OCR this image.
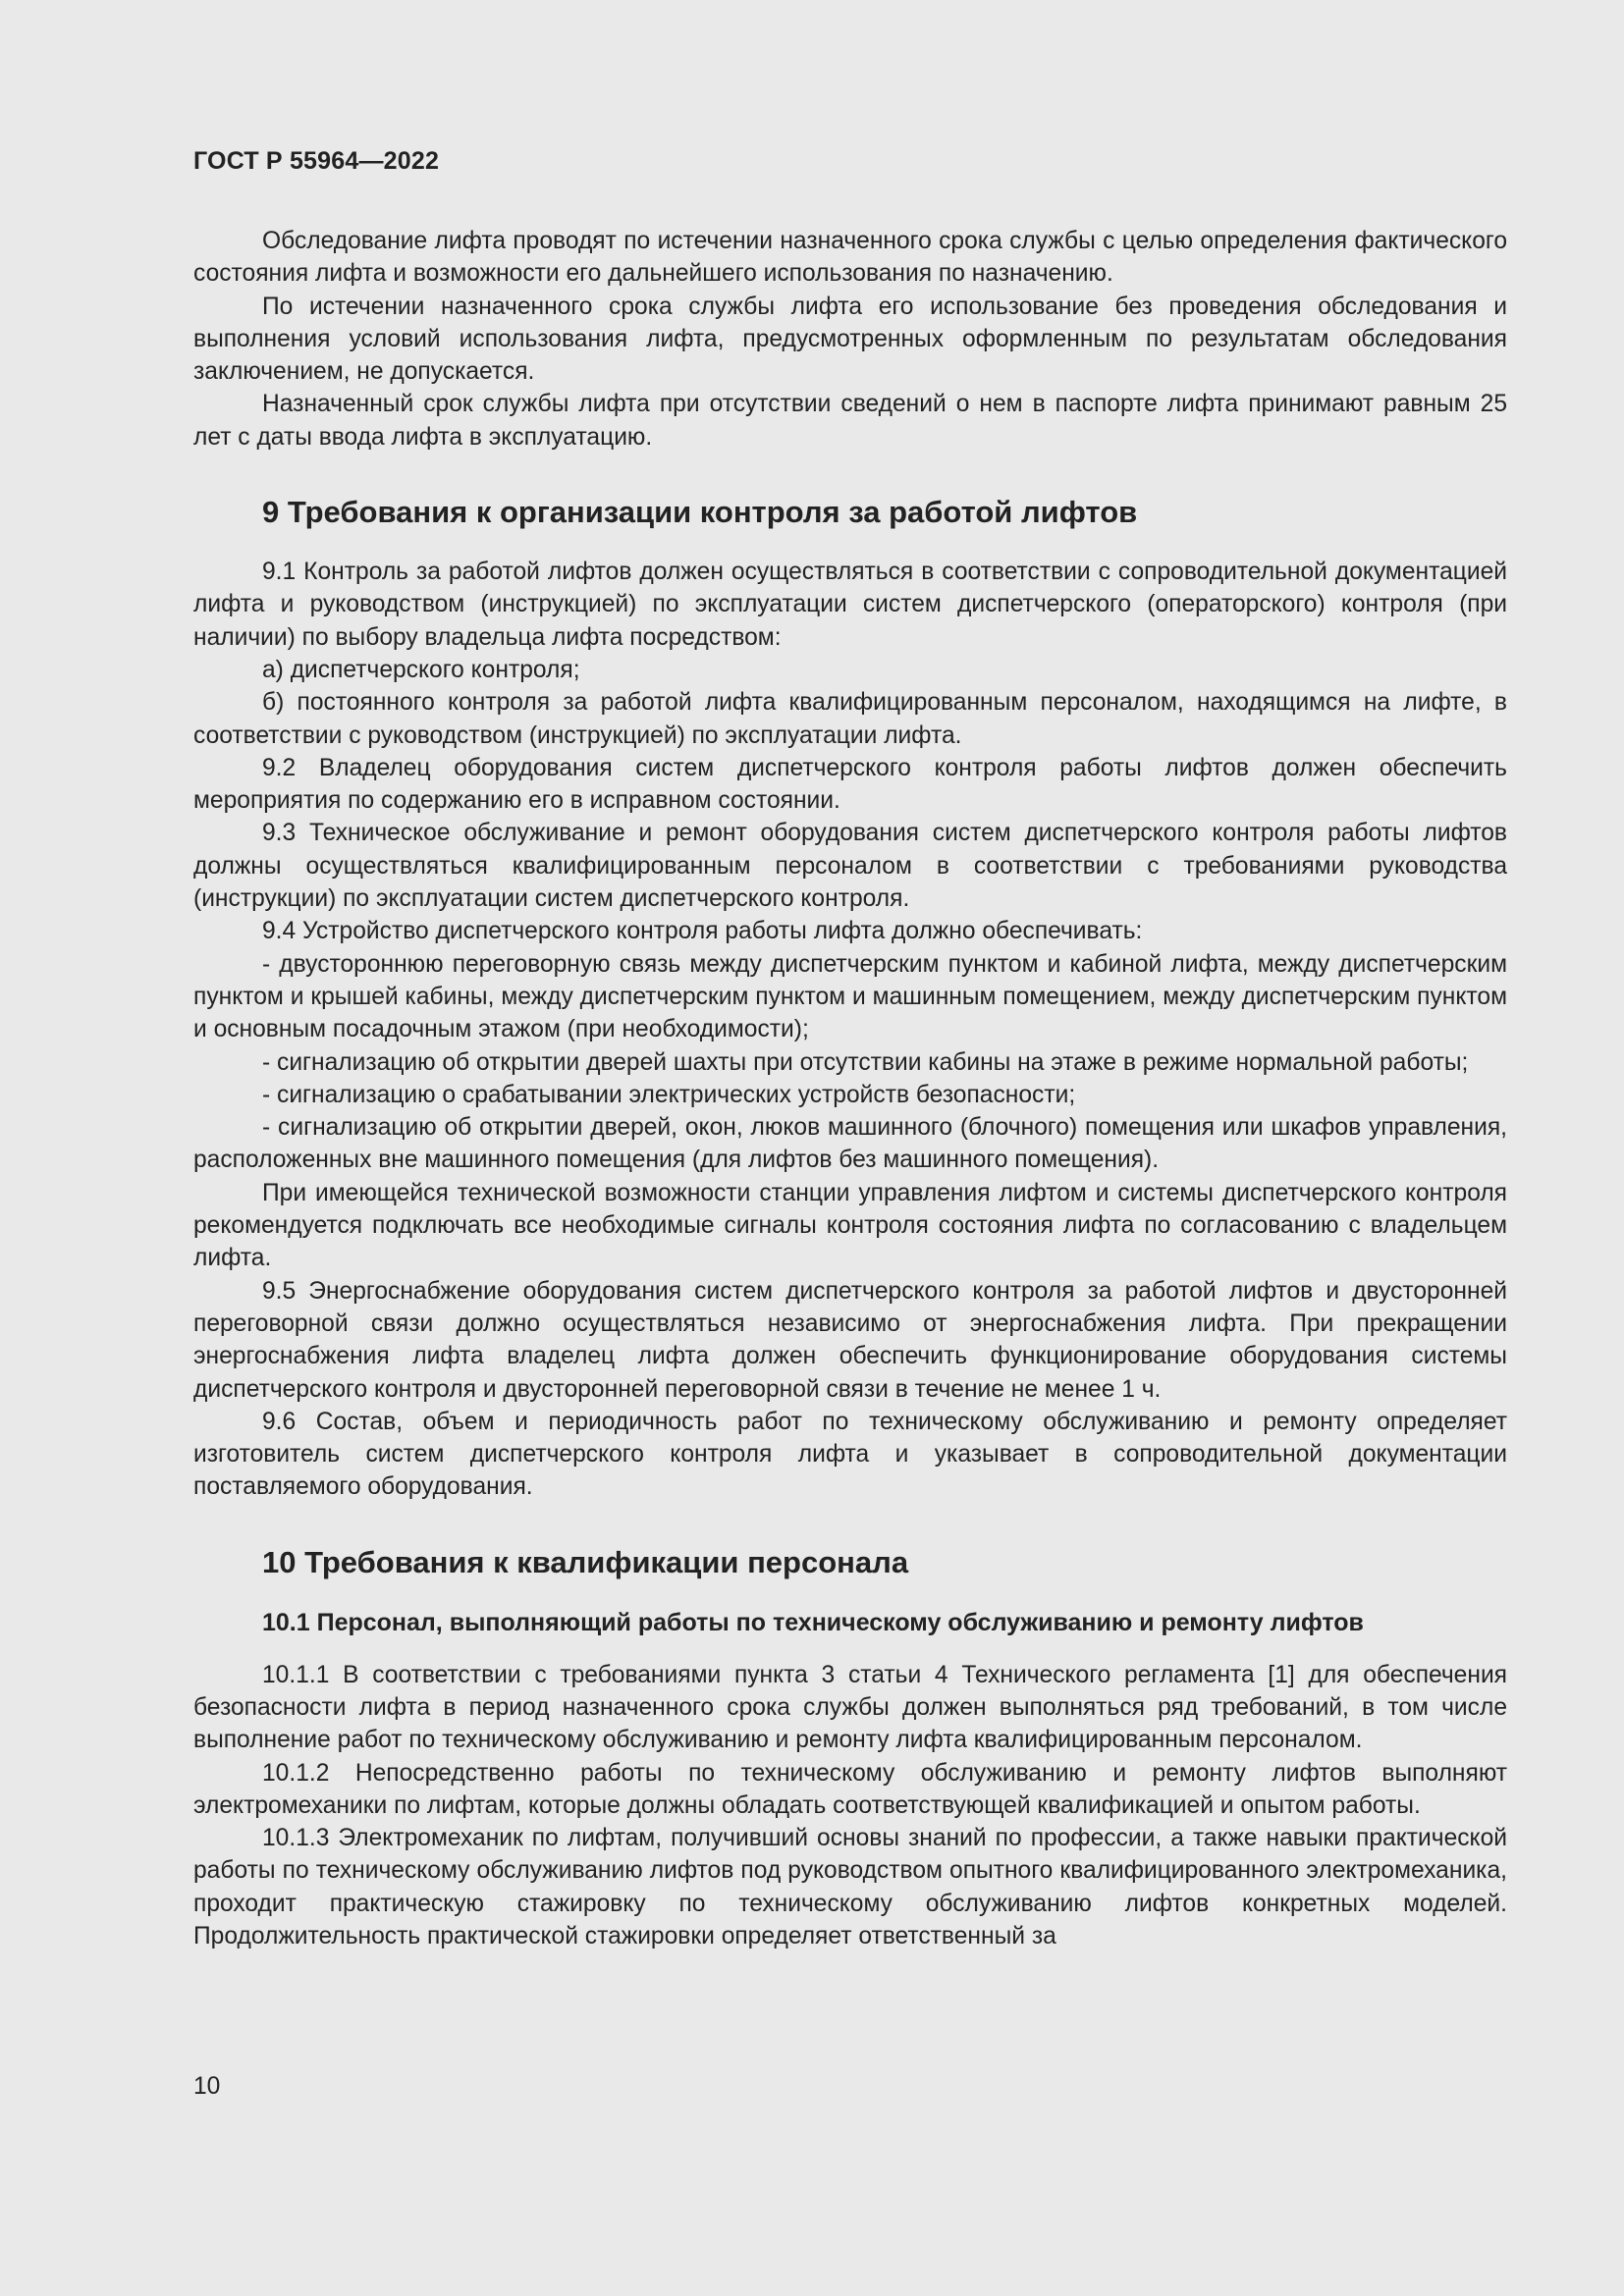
ГОСТ Р 55964—2022

Обследование лифта проводят по истечении назначенного срока службы с целью определения фактического состояния лифта и возможности его дальнейшего использования по назначению.

По истечении назначенного срока службы лифта его использование без проведения обследования и выполнения условий использования лифта, предусмотренных оформленным по результатам обследования заключением, не допускается.

Назначенный срок службы лифта при отсутствии сведений о нем в паспорте лифта принимают равным 25 лет с даты ввода лифта в эксплуатацию.

9 Требования к организации контроля за работой лифтов

9.1 Контроль за работой лифтов должен осуществляться в соответствии с сопроводительной документацией лифта и руководством (инструкцией) по эксплуатации систем диспетчерского (операторского) контроля (при наличии) по выбору владельца лифта посредством:

а) диспетчерского контроля;

б) постоянного контроля за работой лифта квалифицированным персоналом, находящимся на лифте, в соответствии с руководством (инструкцией) по эксплуатации лифта.

9.2 Владелец оборудования систем диспетчерского контроля работы лифтов должен обеспечить мероприятия по содержанию его в исправном состоянии.

9.3 Техническое обслуживание и ремонт оборудования систем диспетчерского контроля работы лифтов должны осуществляться квалифицированным персоналом в соответствии с требованиями руководства (инструкции) по эксплуатации систем диспетчерского контроля.

9.4 Устройство диспетчерского контроля работы лифта должно обеспечивать:

- двустороннюю переговорную связь между диспетчерским пунктом и кабиной лифта, между диспетчерским пунктом и крышей кабины, между диспетчерским пунктом и машинным помещением, между диспетчерским пунктом и основным посадочным этажом (при необходимости);

- сигнализацию об открытии дверей шахты при отсутствии кабины на этаже в режиме нормальной работы;

- сигнализацию о срабатывании электрических устройств безопасности;

- сигнализацию об открытии дверей, окон, люков машинного (блочного) помещения или шкафов управления, расположенных вне машинного помещения (для лифтов без машинного помещения).

При имеющейся технической возможности станции управления лифтом и системы диспетчерского контроля рекомендуется подключать все необходимые сигналы контроля состояния лифта по согласованию с владельцем лифта.

9.5 Энергоснабжение оборудования систем диспетчерского контроля за работой лифтов и двусторонней переговорной связи должно осуществляться независимо от энергоснабжения лифта. При прекращении энергоснабжения лифта владелец лифта должен обеспечить функционирование оборудования системы диспетчерского контроля и двусторонней переговорной связи в течение не менее 1 ч.

9.6 Состав, объем и периодичность работ по техническому обслуживанию и ремонту определяет изготовитель систем диспетчерского контроля лифта и указывает в сопроводительной документации поставляемого оборудования.

10 Требования к квалификации персонала
10.1 Персонал, выполняющий работы по техническому обслуживанию и ремонту лифтов

10.1.1 В соответствии с требованиями пункта 3 статьи 4 Технического регламента [1] для обеспечения безопасности лифта в период назначенного срока службы должен выполняться ряд требований, в том числе выполнение работ по техническому обслуживанию и ремонту лифта квалифицированным персоналом.

10.1.2 Непосредственно работы по техническому обслуживанию и ремонту лифтов выполняют электромеханики по лифтам, которые должны обладать соответствующей квалификацией и опытом работы.

10.1.3 Электромеханик по лифтам, получивший основы знаний по профессии, а также навыки практической работы по техническому обслуживанию лифтов под руководством опытного квалифицированного электромеханика, проходит практическую стажировку по техническому обслуживанию лифтов конкретных моделей. Продолжительность практической стажировки определяет ответственный за

10
